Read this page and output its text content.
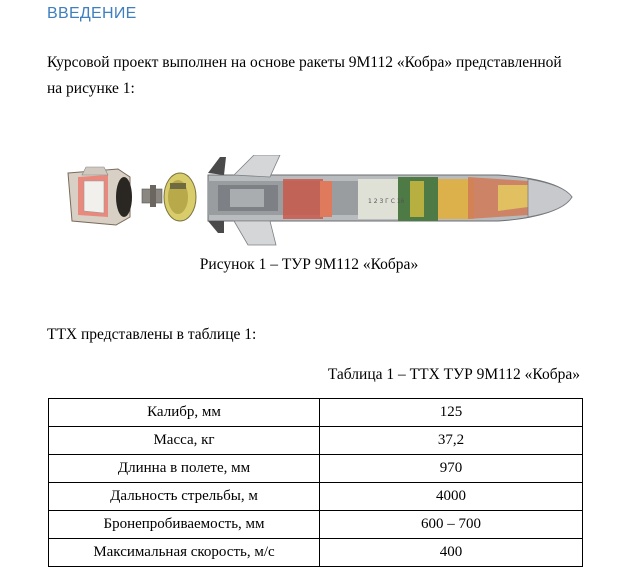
ВВЕДЕНИЕ
Курсовой проект выполнен на основе ракеты 9М112 «Кобра» представленной
на рисунке 1:
1 2 3 Г С 16
Рисунок 1 – ТУР 9М112 «Кобра»
ТТХ представлены в таблице 1:
Таблица 1 – ТТХ ТУР 9М112 «Кобра»
Калибр, мм	125
Масса, кг	37,2
Длинна в полете, мм	970
Дальность стрельбы, м	4000
Бронепробиваемость, мм	600 – 700
Максимальная скорость, м/с	400
